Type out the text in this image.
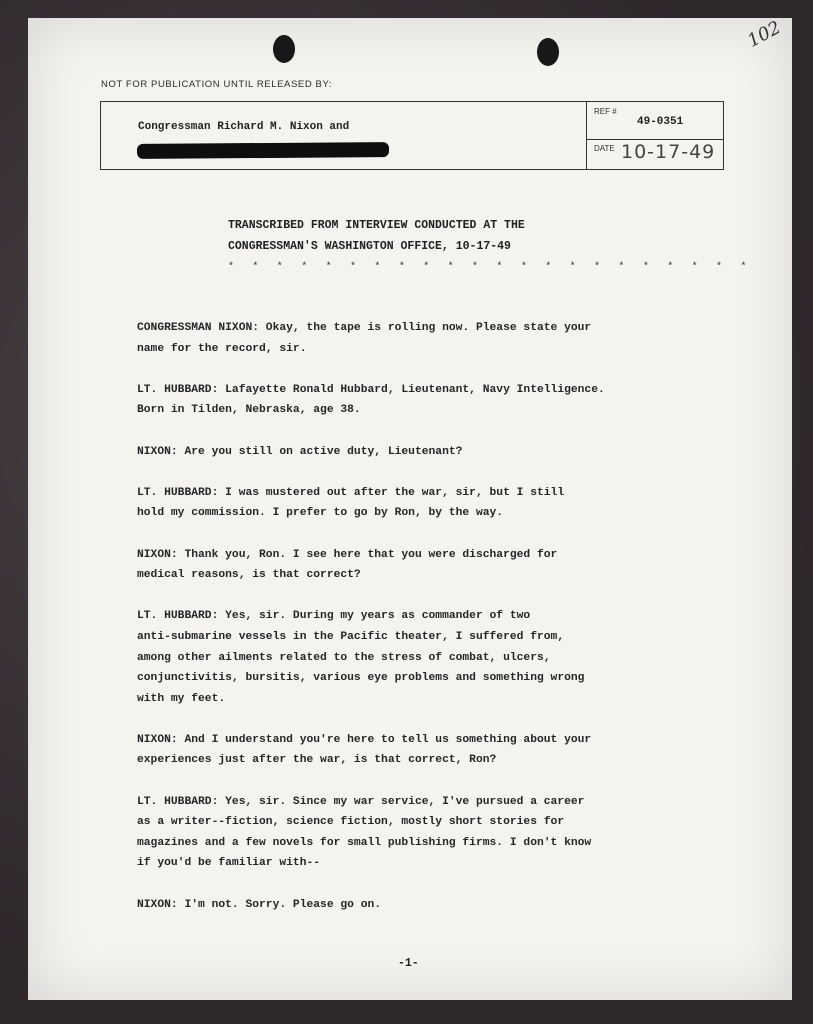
102
NOT FOR PUBLICATION UNTIL RELEASED BY:
Congressman Richard M. Nixon and
REF #
49-0351
DATE 10-17-49
TRANSCRIBED FROM INTERVIEW CONDUCTED AT THE
CONGRESSMAN'S WASHINGTON OFFICE, 10-17-49
* * * * * * * * * * * * * * * * * * * * * *

CONGRESSMAN NIXON: Okay, the tape is rolling now. Please state your
name for the record, sir.

LT. HUBBARD: Lafayette Ronald Hubbard, Lieutenant, Navy Intelligence.
Born in Tilden, Nebraska, age 38.

NIXON: Are you still on active duty, Lieutenant?

LT. HUBBARD: I was mustered out after the war, sir, but I still
hold my commission. I prefer to go by Ron, by the way.

NIXON: Thank you, Ron. I see here that you were discharged for
medical reasons, is that correct?

LT. HUBBARD: Yes, sir. During my years as commander of two
anti-submarine vessels in the Pacific theater, I suffered from,
among other ailments related to the stress of combat, ulcers,
conjunctivitis, bursitis, various eye problems and something wrong
with my feet.

NIXON: And I understand you're here to tell us something about your
experiences just after the war, is that correct, Ron?

LT. HUBBARD: Yes, sir. Since my war service, I've pursued a career
as a writer--fiction, science fiction, mostly short stories for
magazines and a few novels for small publishing firms. I don't know
if you'd be familiar with--

NIXON: I'm not. Sorry. Please go on.

-1-
